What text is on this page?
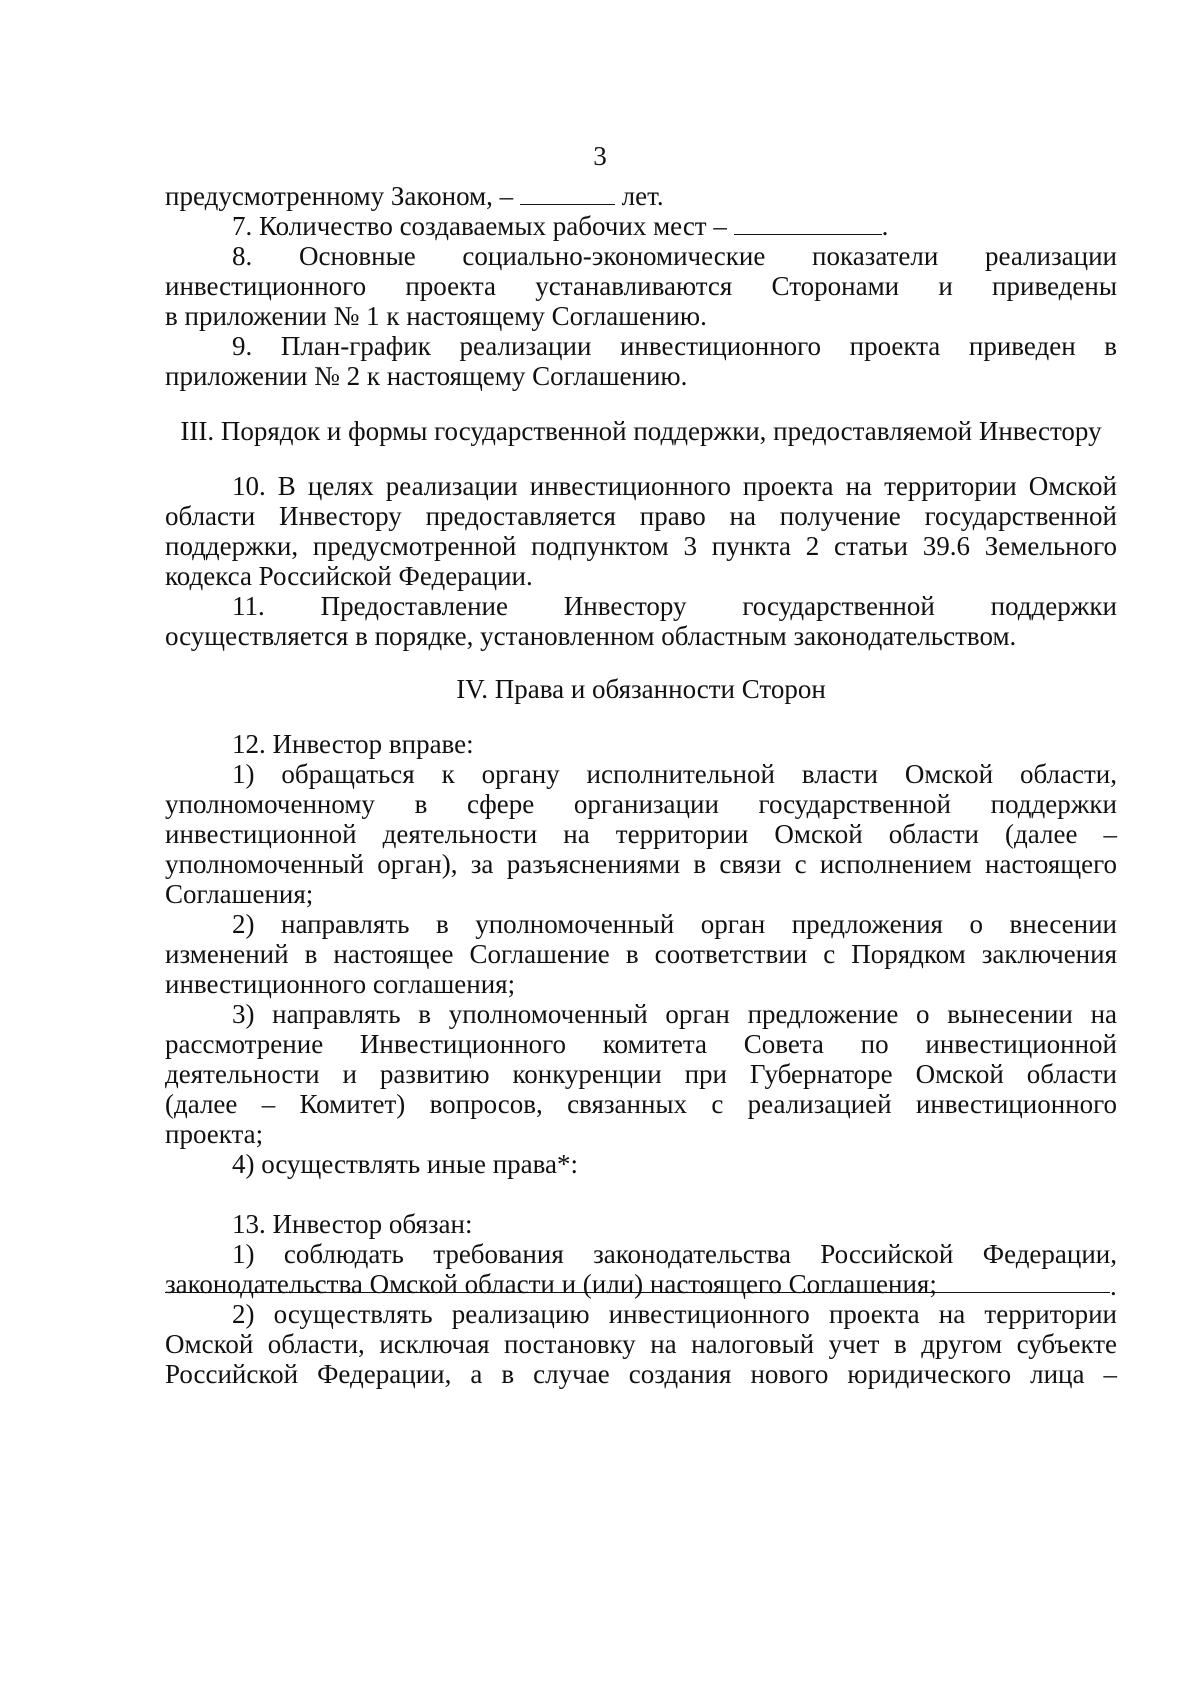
3
предусмотренному Законом, –	лет.
7. Количество создаваемых рабочих мест –	.
8. Основные социально-экономические показатели реализации
инвестиционного проекта устанавливаются Сторонами и приведены
в приложении № 1 к настоящему Соглашению.
9. План-график реализации инвестиционного проекта приведен в
приложении № 2 к настоящему Соглашению.
III. Порядок и формы государственной поддержки, предоставляемой Инвестору
10. В целях реализации инвестиционного проекта на территории Омской
области Инвестору предоставляется право на получение государственной
поддержки, предусмотренной подпунктом 3 пункта 2 статьи 39.6 Земельного
кодекса Российской Федерации.
11. Предоставление Инвестору государственной поддержки
осуществляется в порядке, установленном областным законодательством.
IV. Права и обязанности Сторон
12. Инвестор вправе:
1) обращаться к органу исполнительной власти Омской области,
уполномоченному в сфере организации государственной поддержки
инвестиционной деятельности на территории Омской области (далее –
уполномоченный орган), за разъяснениями в связи с исполнением настоящего
Соглашения;
2) направлять в уполномоченный орган предложения о внесении
изменений в настоящее Соглашение в соответствии с Порядком заключения
инвестиционного соглашения;
3) направлять в уполномоченный орган предложение о вынесении на
рассмотрение Инвестиционного комитета Совета по инвестиционной
деятельности и развитию конкуренции при Губернаторе Омской области
(далее – Комитет) вопросов, связанных с реализацией инвестиционного
проекта;
4) осуществлять иные права*:
.
13. Инвестор обязан:
1) соблюдать требования законодательства Российской Федерации,
законодательства Омской области и (или) настоящего Соглашения;
2) осуществлять реализацию инвестиционного проекта на территории
Омской области, исключая постановку на налоговый учет в другом субъекте
Российской Федерации, а в случае создания нового юридического лица –
